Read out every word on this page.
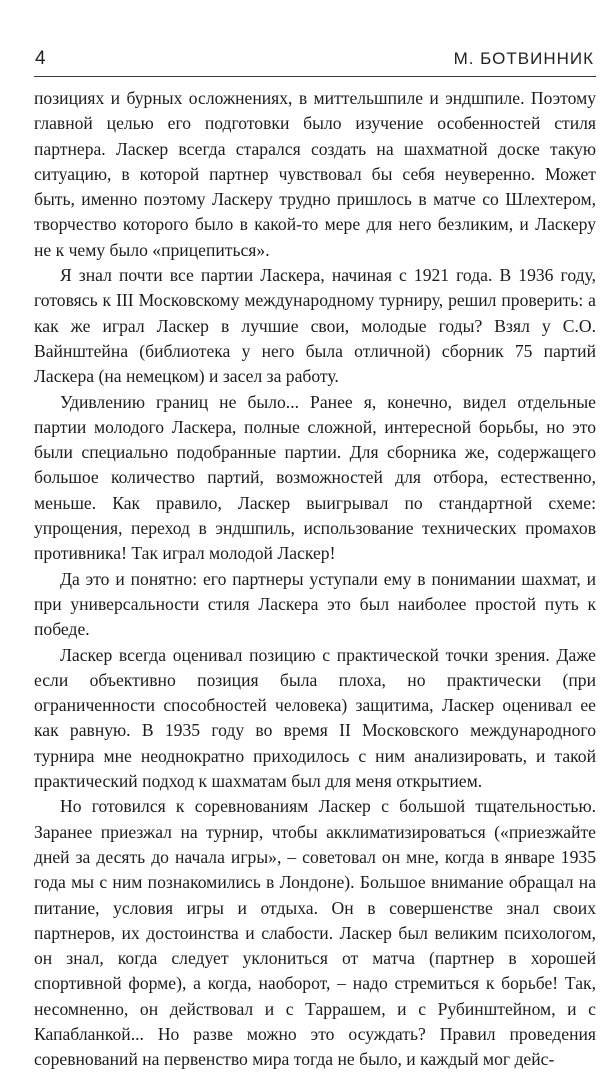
4	М. БОТВИННИК

позициях и бурных осложнениях, в миттельшпиле и эндшпиле. Поэтому главной целью его подготовки было изучение особенностей стиля партнера. Ласкер всегда старался создать на шахматной доске такую ситуацию, в которой партнер чувствовал бы себя неуверенно. Может быть, именно поэтому Ласкеру трудно пришлось в матче со Шлехтером, творчество которого было в какой-то мере для него безликим, и Ласкеру не к чему было «прицепиться».

Я знал почти все партии Ласкера, начиная с 1921 года. В 1936 году, готовясь к III Московскому международному турниру, решил проверить: а как же играл Ласкер в лучшие свои, молодые годы? Взял у С.О. Вайнштейна (библиотека у него была отличной) сборник 75 партий Ласкера (на немецком) и засел за работу.

Удивлению границ не было... Ранее я, конечно, видел отдельные партии молодого Ласкера, полные сложной, интересной борьбы, но это были специально подобранные партии. Для сборника же, содержащего большое количество партий, возможностей для отбора, естественно, меньше. Как правило, Ласкер выигрывал по стандартной схеме: упрощения, переход в эндшпиль, использование технических промахов противника! Так играл молодой Ласкер!

Да это и понятно: его партнеры уступали ему в понимании шахмат, и при универсальности стиля Ласкера это был наиболее простой путь к победе.

Ласкер всегда оценивал позицию с практической точки зрения. Даже если объективно позиция была плоха, но практически (при ограниченности способностей человека) защитима, Ласкер оценивал ее как равную. В 1935 году во время II Московского международного турнира мне неоднократно приходилось с ним анализировать, и такой практический подход к шахматам был для меня открытием.

Но готовился к соревнованиям Ласкер с большой тщательностью. Заранее приезжал на турнир, чтобы акклиматизироваться («приезжайте дней за десять до начала игры», – советовал он мне, когда в январе 1935 года мы с ним познакомились в Лондоне). Большое внимание обращал на питание, условия игры и отдыха. Он в совершенстве знал своих партнеров, их достоинства и слабости. Ласкер был великим психологом, он знал, когда следует уклониться от матча (партнер в хорошей спортивной форме), а когда, наоборот, – надо стремиться к борьбе! Так, несомненно, он действовал и с Таррашем, и с Рубинштейном, и с Капабланкой... Но разве можно это осуждать? Правил проведения соревнований на первенство мира тогда не было, и каждый мог дейс-
